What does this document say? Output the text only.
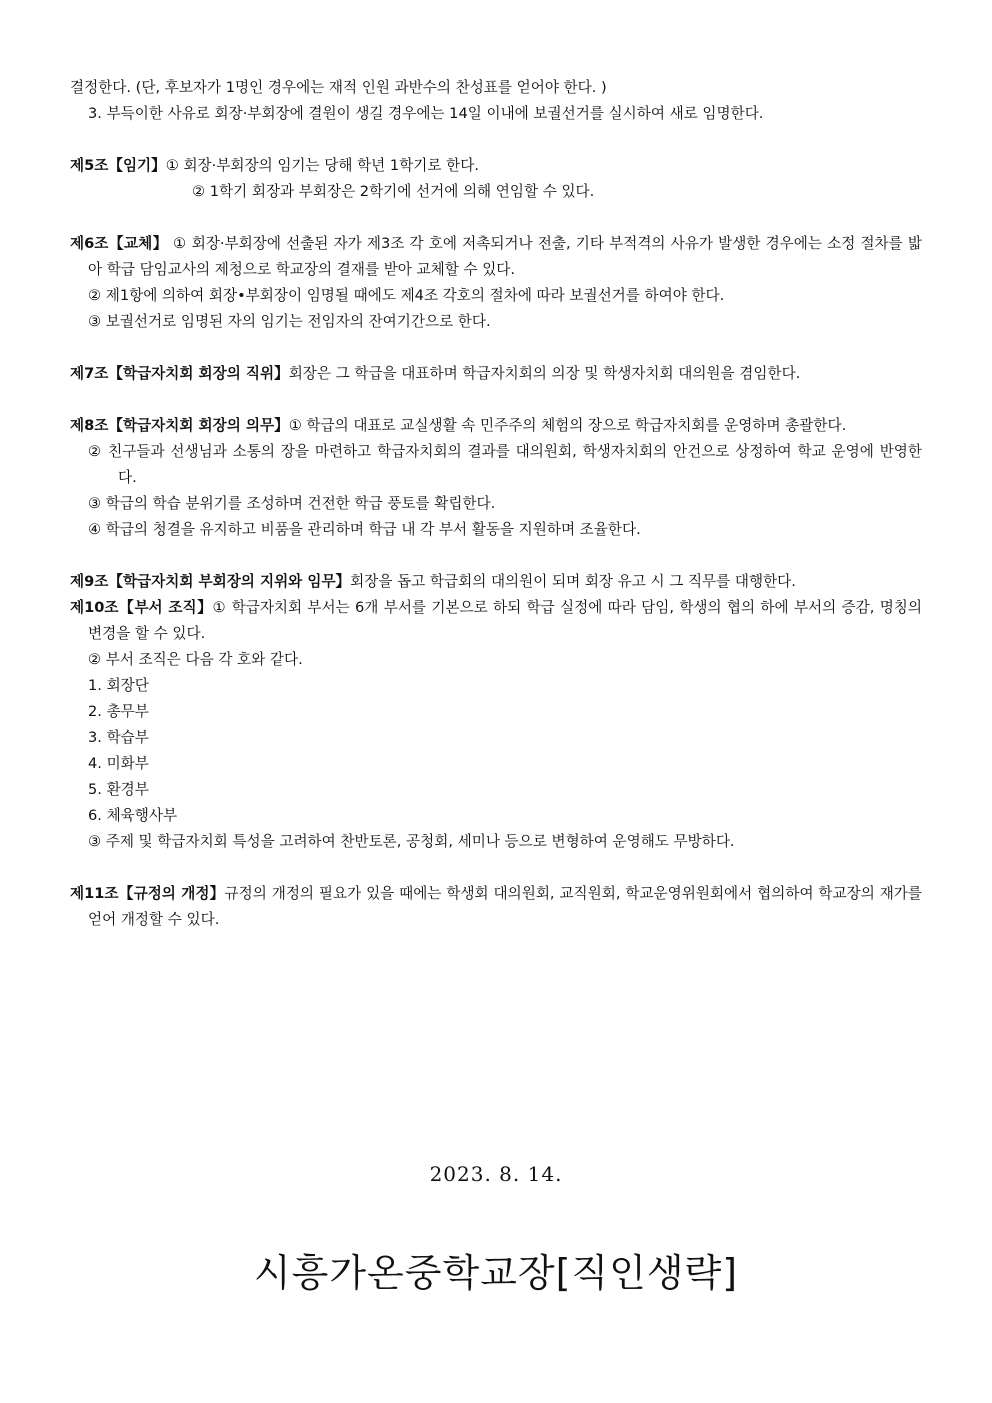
결정한다. (단, 후보자가 1명인 경우에는 재적 인원 과반수의 찬성표를 얻어야 한다. )

3. 부득이한 사유로 회장·부회장에 결원이 생길 경우에는 14일 이내에 보궐선거를 실시하여 새로 임명한다.

제5조【임기】① 회장·부회장의 임기는 당해 학년 1학기로 한다.

② 1학기 회장과 부회장은 2학기에 선거에 의해 연임할 수 있다.

제6조【교체】 ① 회장·부회장에 선출된 자가 제3조 각 호에 저촉되거나 전출, 기타 부적격의 사유가 발생한 경우에는 소정 절차를 밟아 학급 담임교사의 제청으로 학교장의 결재를 받아 교체할 수 있다.

② 제1항에 의하여 회장•부회장이 임명될 때에도 제4조 각호의 절차에 따라 보궐선거를 하여야 한다.

③ 보궐선거로 임명된 자의 임기는 전임자의 잔여기간으로 한다.

제7조【학급자치회 회장의 직위】회장은 그 학급을 대표하며 학급자치회의 의장 및 학생자치회 대의원을 겸임한다.

제8조【학급자치회 회장의 의무】① 학급의 대표로 교실생활 속 민주주의 체험의 장으로 학급자치회를 운영하며 총괄한다.

② 친구들과 선생님과 소통의 장을 마련하고 학급자치회의 결과를 대의원회, 학생자치회의 안건으로 상정하여 학교 운영에 반영한다.

③ 학급의 학습 분위기를 조성하며 건전한 학급 풍토를 확립한다.

④ 학급의 청결을 유지하고 비품을 관리하며 학급 내 각 부서 활동을 지원하며 조율한다.

제9조【학급자치회 부회장의 지위와 임무】회장을 돕고 학급회의 대의원이 되며 회장 유고 시 그 직무를 대행한다.

제10조【부서 조직】① 학급자치회 부서는 6개 부서를 기본으로 하되 학급 실정에 따라 담임, 학생의 협의 하에 부서의 증감, 명칭의 변경을 할 수 있다.

② 부서 조직은 다음 각 호와 같다.

1. 회장단

2. 총무부

3. 학습부

4. 미화부

5. 환경부

6. 체육행사부

③ 주제 및 학급자치회 특성을 고려하여 찬반토론, 공청회, 세미나 등으로 변형하여 운영해도 무방하다.

제11조【규정의 개정】규정의 개정의 필요가 있을 때에는 학생회 대의원회, 교직원회, 학교운영위원회에서 협의하여 학교장의 재가를 얻어 개정할 수 있다.

2023. 8. 14.
시흥가온중학교장[직인생략]
